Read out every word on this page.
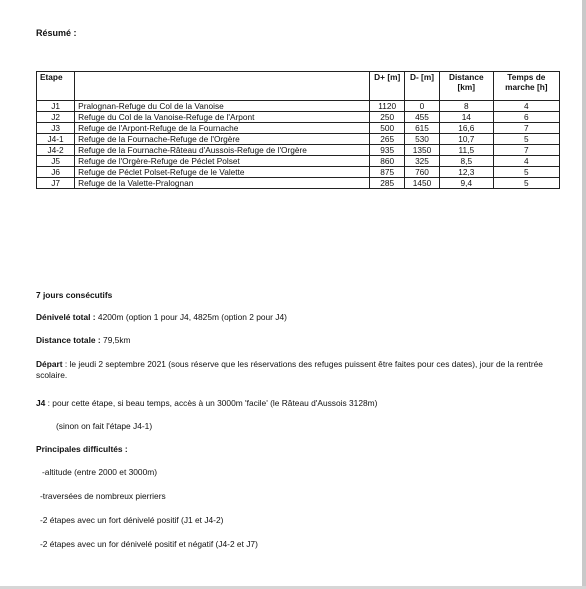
Résumé :
Etape		D+ [m]	D- [m]	Distance [km]	Temps de marche [h]
J1	Pralognan-Refuge du Col de la Vanoise	1120	0	8	4
J2	Refuge du Col de la Vanoise-Refuge de l'Arpont	250	455	14	6
J3	Refuge de l'Arpont-Refuge de la Fournache	500	615	16,6	7
J4-1	Refuge de la Fournache-Refuge de l'Orgère	265	530	10,7	5
J4-2	Refuge de la Fournache-Râteau d'Aussois-Refuge de l'Orgère	935	1350	11,5	7
J5	Refuge de l'Orgère-Refuge de Péclet Polset	860	325	8,5	4
J6	Refuge de Péclet Polset-Refuge de le Valette	875	760	12,3	5
J7	Refuge de la Valette-Pralognan	285	1450	9,4	5
7 jours consécutifs
Dénivelé total : 4200m (option 1 pour J4, 4825m (option 2 pour J4)
Distance totale : 79,5km
Départ : le jeudi 2 septembre 2021 (sous réserve que les réservations des refuges puissent être faites pour ces dates), jour de la rentrée scolaire.
J4 : pour cette étape, si beau temps, accès à un 3000m 'facile' (le Râteau d'Aussois 3128m)
(sinon on fait l'étape J4-1)
Principales difficultés :
-altitude (entre 2000 et 3000m)
-traversées de nombreux pierriers
-2 étapes avec un fort dénivelé positif (J1 et J4-2)
-2 étapes avec un for dénivelé positif et négatif (J4-2 et J7)
